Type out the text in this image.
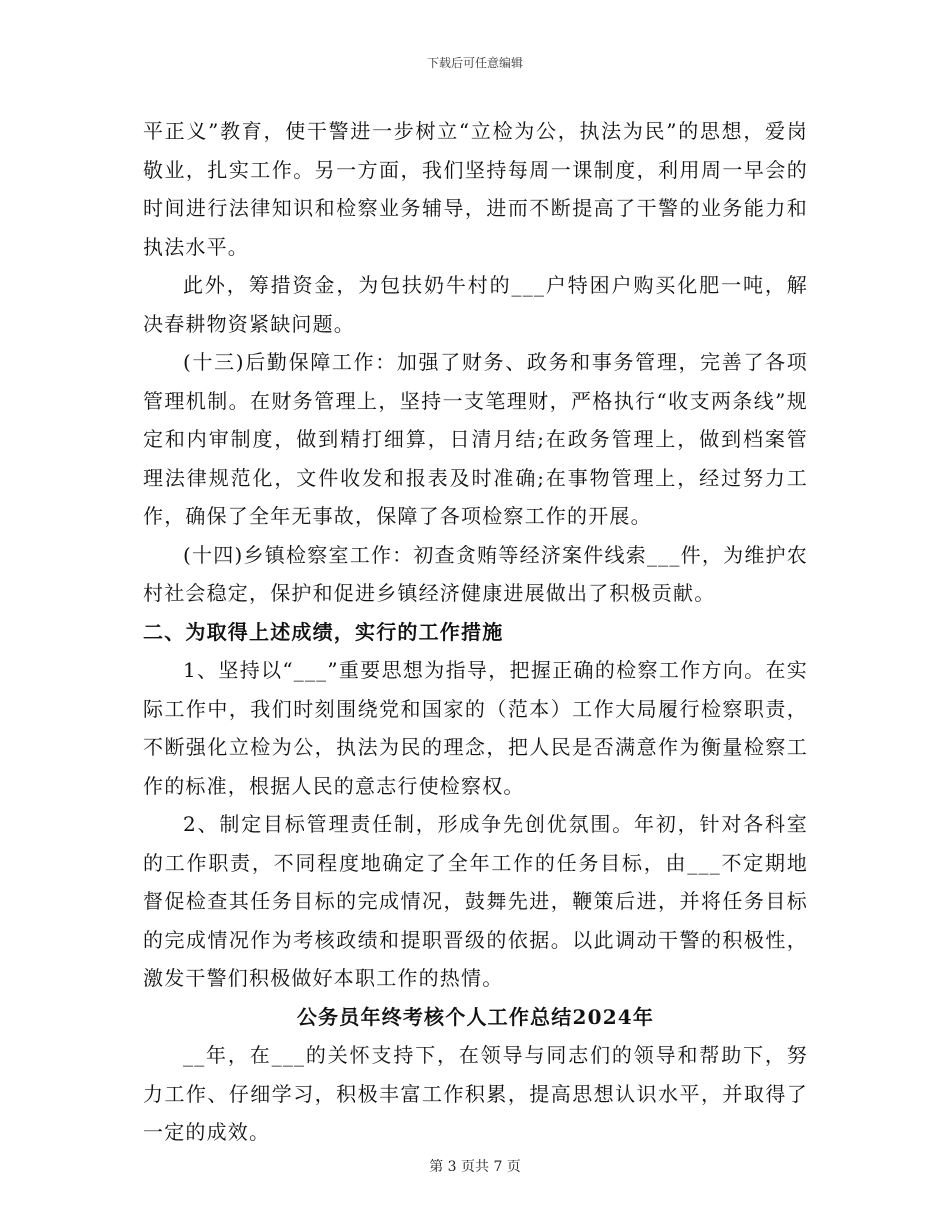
下载后可任意编辑

平正义”教育，使干警进一步树立“立检为公，执法为民”的思想，爱岗敬业，扎实工作。另一方面，我们坚持每周一课制度，利用周一早会的时间进行法律知识和检察业务辅导，进而不断提高了干警的业务能力和执法水平。

此外，筹措资金，为包扶奶牛村的___户特困户购买化肥一吨，解决春耕物资紧缺问题。

(十三)后勤保障工作：加强了财务、政务和事务管理，完善了各项管理机制。在财务管理上，坚持一支笔理财，严格执行“收支两条线”规定和内审制度，做到精打细算，日清月结;在政务管理上，做到档案管理法律规范化，文件收发和报表及时准确;在事物管理上，经过努力工作，确保了全年无事故，保障了各项检察工作的开展。

(十四)乡镇检察室工作：初查贪贿等经济案件线索___件，为维护农村社会稳定，保护和促进乡镇经济健康进展做出了积极贡献。

二、为取得上述成绩，实行的工作措施

1、坚持以“___”重要思想为指导，把握正确的检察工作方向。在实际工作中，我们时刻围绕党和国家的（范本）工作大局履行检察职责，不断强化立检为公，执法为民的理念，把人民是否满意作为衡量检察工作的标准，根据人民的意志行使检察权。

2、制定目标管理责任制，形成争先创优氛围。年初，针对各科室的工作职责，不同程度地确定了全年工作的任务目标，由___不定期地督促检查其任务目标的完成情况，鼓舞先进，鞭策后进，并将任务目标的完成情况作为考核政绩和提职晋级的依据。以此调动干警的积极性，激发干警们积极做好本职工作的热情。

公务员年终考核个人工作总结2024年

__年，在___的关怀支持下，在领导与同志们的领导和帮助下，努力工作、仔细学习，积极丰富工作积累，提高思想认识水平，并取得了一定的成效。

第 3 页共 7 页
